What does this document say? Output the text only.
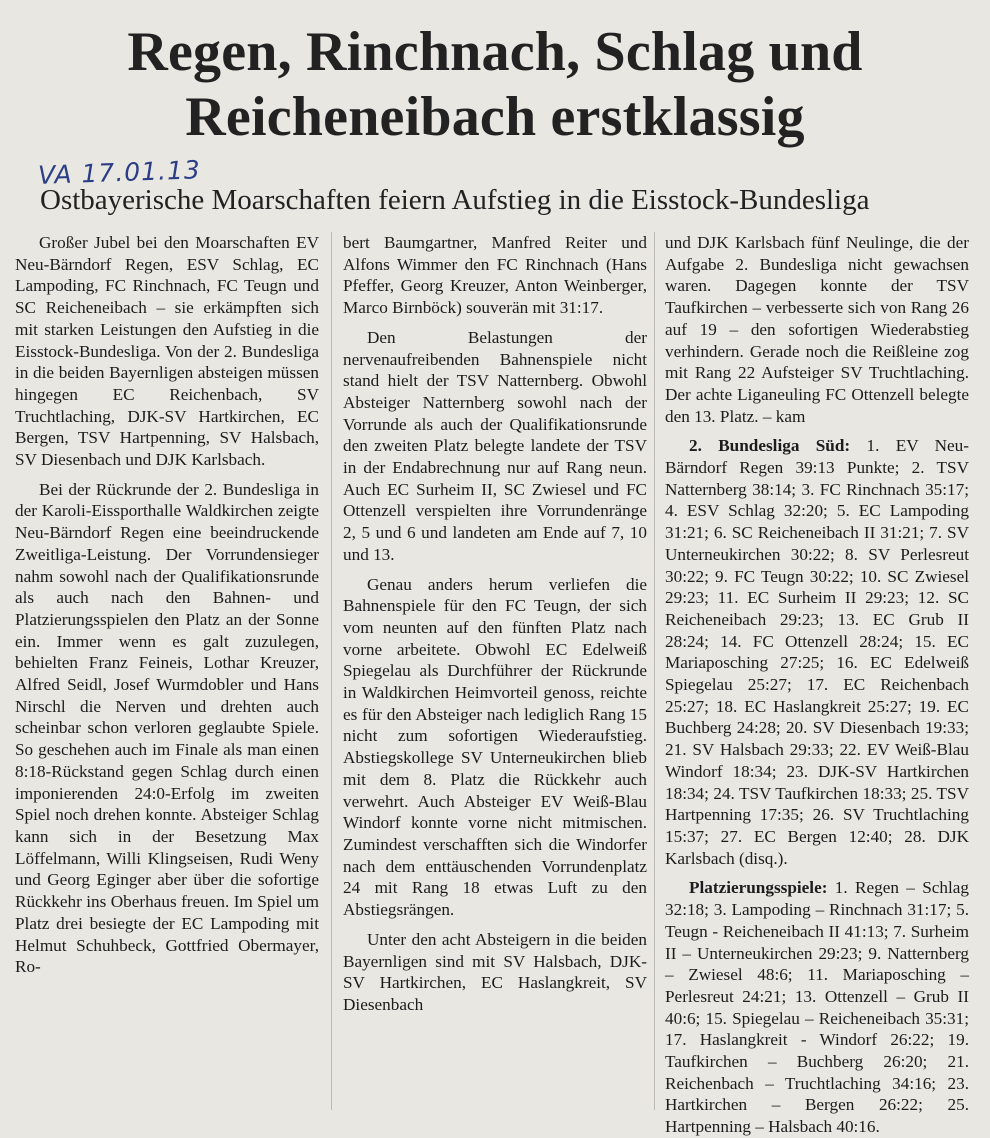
Regen, Rinchnach, Schlag und
Reicheneibach erstklassig
VA 17.01.13
Ostbayerische Moarschaften feiern Aufstieg in die Eisstock-Bundesliga

Großer Jubel bei den Moarschaften EV Neu-Bärndorf Regen, ESV Schlag, EC Lampoding, FC Rinchnach, FC Teugn und SC Reicheneibach – sie erkämpften sich mit starken Leistungen den Aufstieg in die Eisstock-Bundesliga. Von der 2. Bundesliga in die beiden Bayernligen absteigen müssen hingegen EC Reichenbach, SV Truchtlaching, DJK-SV Hartkirchen, EC Bergen, TSV Hartpenning, SV Halsbach, SV Diesenbach und DJK Karlsbach.

Bei der Rückrunde der 2. Bundesliga in der Karoli-Eissporthalle Waldkirchen zeigte Neu-Bärndorf Regen eine beeindruckende Zweitliga-Leistung. Der Vorrundensieger nahm sowohl nach der Qualifikationsrunde als auch nach den Bahnen- und Platzierungsspielen den Platz an der Sonne ein. Immer wenn es galt zuzulegen, behielten Franz Feineis, Lothar Kreuzer, Alfred Seidl, Josef Wurmdobler und Hans Nirschl die Nerven und drehten auch scheinbar schon verloren geglaubte Spiele. So geschehen auch im Finale als man einen 8:18-Rückstand gegen Schlag durch einen imponierenden 24:0-Erfolg im zweiten Spiel noch drehen konnte. Absteiger Schlag kann sich in der Besetzung Max Löffelmann, Willi Klingseisen, Rudi Weny und Georg Eginger aber über die sofortige Rückkehr ins Oberhaus freuen. Im Spiel um Platz drei besiegte der EC Lampoding mit Helmut Schuhbeck, Gottfried Obermayer, Ro-

bert Baumgartner, Manfred Reiter und Alfons Wimmer den FC Rinchnach (Hans Pfeffer, Georg Kreuzer, Anton Weinberger, Marco Birnböck) souverän mit 31:17.

Den Belastungen der nervenaufreibenden Bahnenspiele nicht stand hielt der TSV Natternberg. Obwohl Absteiger Natternberg sowohl nach der Vorrunde als auch der Qualifikationsrunde den zweiten Platz belegte landete der TSV in der Endabrechnung nur auf Rang neun. Auch EC Surheim II, SC Zwiesel und FC Ottenzell verspielten ihre Vorrundenränge 2, 5 und 6 und landeten am Ende auf 7, 10 und 13.

Genau anders herum verliefen die Bahnenspiele für den FC Teugn, der sich vom neunten auf den fünften Platz nach vorne arbeitete. Obwohl EC Edelweiß Spiegelau als Durchführer der Rückrunde in Waldkirchen Heimvorteil genoss, reichte es für den Absteiger nach lediglich Rang 15 nicht zum sofortigen Wiederaufstieg. Abstiegskollege SV Unterneukirchen blieb mit dem 8. Platz die Rückkehr auch verwehrt. Auch Absteiger EV Weiß-Blau Windorf konnte vorne nicht mitmischen. Zumindest verschafften sich die Windorfer nach dem enttäuschenden Vorrundenplatz 24 mit Rang 18 etwas Luft zu den Abstiegsrängen.

Unter den acht Absteigern in die beiden Bayernligen sind mit SV Halsbach, DJK-SV Hartkirchen, EC Haslangkreit, SV Diesenbach

und DJK Karlsbach fünf Neulinge, die der Aufgabe 2. Bundesliga nicht gewachsen waren. Dagegen konnte der TSV Taufkirchen – verbesserte sich von Rang 26 auf 19 – den sofortigen Wiederabstieg verhindern. Gerade noch die Reißleine zog mit Rang 22 Aufsteiger SV Truchtlaching. Der achte Liganeuling FC Ottenzell belegte den 13. Platz. – kam

2. Bundesliga Süd: 1. EV Neu-Bärndorf Regen 39:13 Punkte; 2. TSV Natternberg 38:14; 3. FC Rinchnach 35:17; 4. ESV Schlag 32:20; 5. EC Lampoding 31:21; 6. SC Reicheneibach II 31:21; 7. SV Unterneukirchen 30:22; 8. SV Perlesreut 30:22; 9. FC Teugn 30:22; 10. SC Zwiesel 29:23; 11. EC Surheim II 29:23; 12. SC Reicheneibach 29:23; 13. EC Grub II 28:24; 14. FC Ottenzell 28:24; 15. EC Mariaposching 27:25; 16. EC Edelweiß Spiegelau 25:27; 17. EC Reichenbach 25:27; 18. EC Haslangkreit 25:27; 19. EC Buchberg 24:28; 20. SV Diesenbach 19:33; 21. SV Halsbach 29:33; 22. EV Weiß-Blau Windorf 18:34; 23. DJK-SV Hartkirchen 18:34; 24. TSV Taufkirchen 18:33; 25. TSV Hartpenning 17:35; 26. SV Truchtlaching 15:37; 27. EC Bergen 12:40; 28. DJK Karlsbach (disq.).

Platzierungsspiele: 1. Regen – Schlag 32:18; 3. Lampoding – Rinchnach 31:17; 5. Teugn - Reicheneibach II 41:13; 7. Surheim II – Unterneukirchen 29:23; 9. Natternberg – Zwiesel 48:6; 11. Mariaposching – Perlesreut 24:21; 13. Ottenzell – Grub II 40:6; 15. Spiegelau – Reicheneibach 35:31; 17. Haslangkreit - Windorf 26:22; 19. Taufkirchen – Buchberg 26:20; 21. Reichenbach – Truchtlaching 34:16; 23. Hartkirchen – Bergen 26:22; 25. Hartpenning – Halsbach 40:16.
